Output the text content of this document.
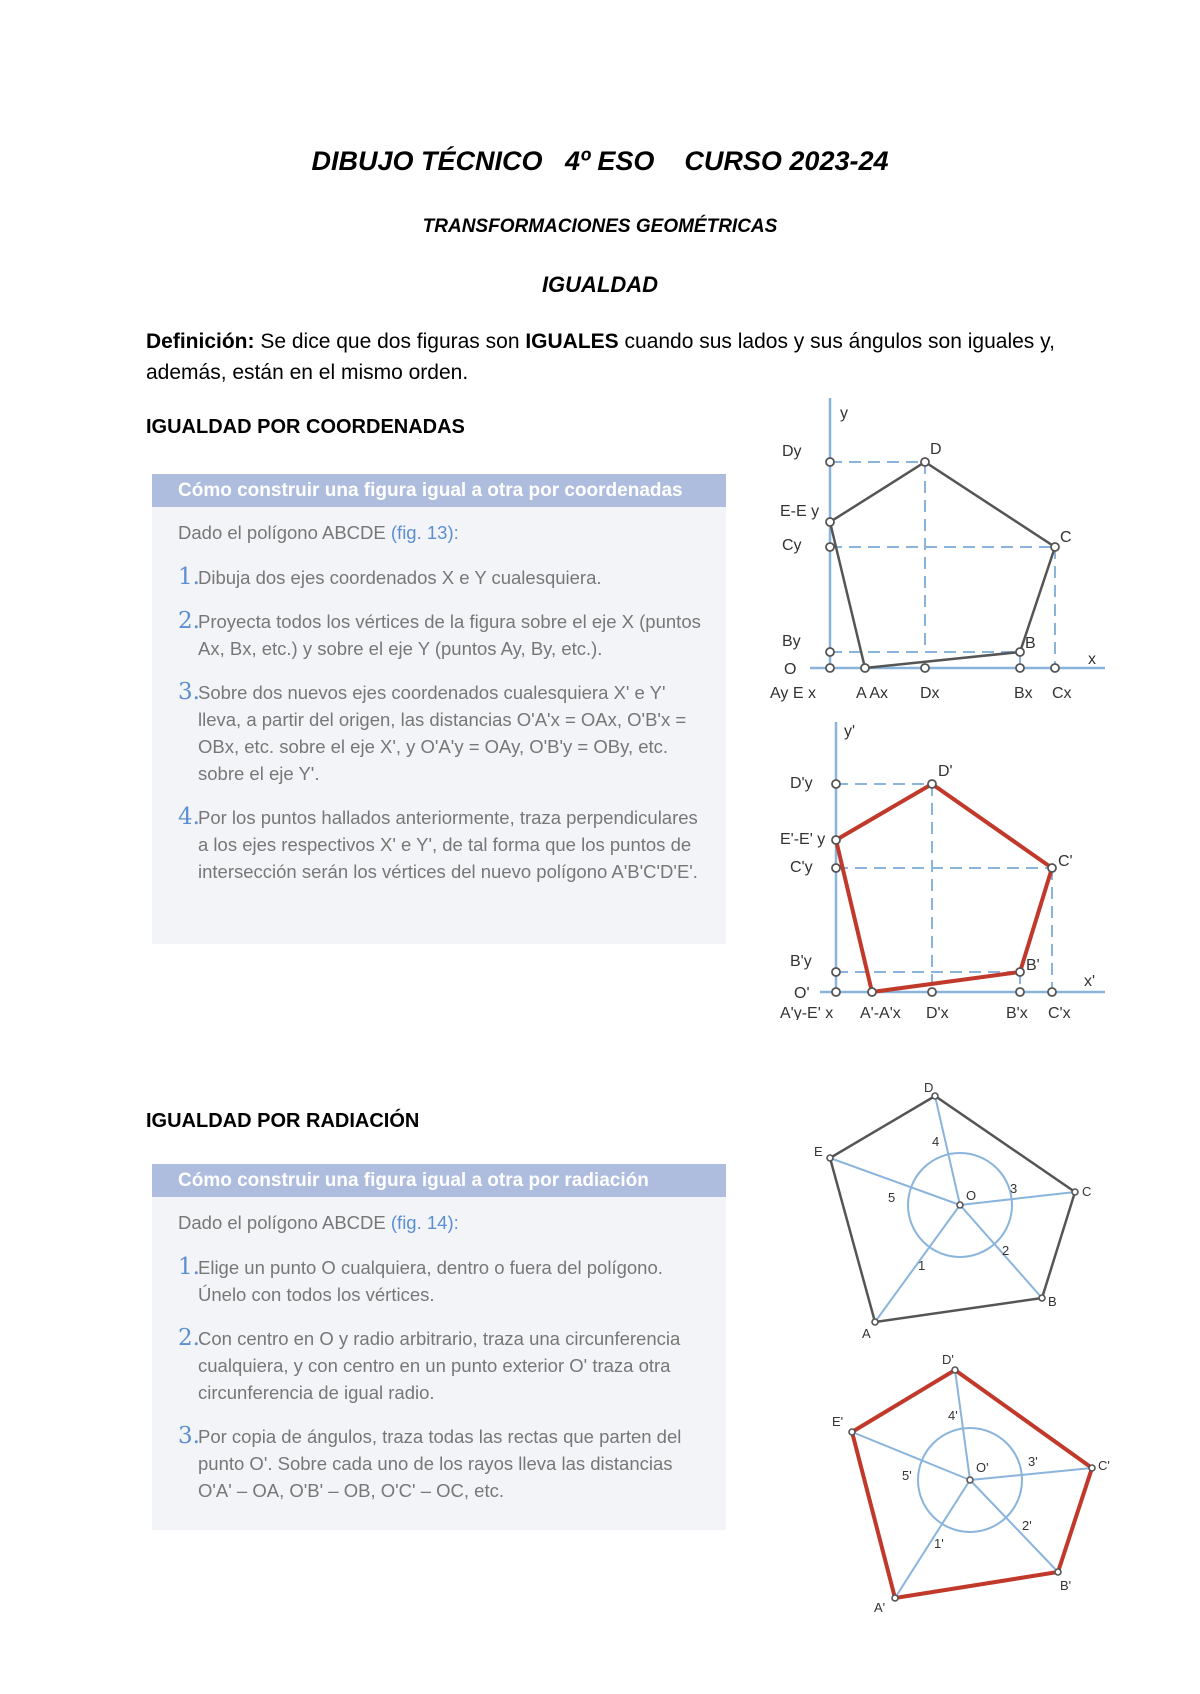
DIBUJO TÉCNICO   4º ESO    CURSO 2023-24
TRANSFORMACIONES GEOMÉTRICAS
IGUALDAD
Definición: Se dice que dos figuras son IGUALES cuando sus lados y sus ángulos son iguales y, además, están en el mismo orden.
IGUALDAD POR COORDENADAS
Cómo construir una figura igual a otra por coordenadas

Dado el polígono ABCDE (fig. 13):

1.
Dibuja dos ejes coordenados X e Y cualesquiera.
2.
Proyecta todos los vértices de la figura sobre el eje X (puntos Ax, Bx, etc.) y sobre el eje Y (puntos Ay, By, etc.).
3.
Sobre dos nuevos ejes coordenados cualesquiera X' e Y' lleva, a partir del origen, las distancias O'A'x = OAx, O'B'x = OBx, etc. sobre el eje X', y O'A'y = OAy, O'B'y = OBy, etc. sobre el eje Y'.
4.
Por los puntos hallados anteriormente, traza perpendiculares a los ejes respectivos X' e Y', de tal forma que los puntos de intersección serán los vértices del nuevo polígono A'B'C'D'E'.
y
x
B
C
D
Dy
E-E y
Cy
By
O
Ay E x	A Ax Dx	Bx Cx
y'
x'
D'
C'
B'
D'y
E'-E' y
C'y
B'y
O'
A'y-E' x A'-A'x D'x	B'x C'x
IGUALDAD POR RADIACIÓN
Cómo construir una figura igual a otra por radiación

Dado el polígono ABCDE (fig. 14):

1.
Elige un punto O cualquiera, dentro o fuera del polígono. Únelo con todos los vértices.
2.
Con centro en O y radio arbitrario, traza una circunferencia cualquiera, y con centro en un punto exterior O' traza otra circunferencia de igual radio.
3.
Por copia de ángulos, traza todas las rectas que parten del punto O'. Sobre cada uno de los rayos lleva las distancias O'A' – OA, O'B' – OB, O'C' – OC, etc.
A
B
C
D
E
O
1
2
3
4
5
A'
B'
C'
D'
E'
O'
1'
2'
3'
4'
5'
